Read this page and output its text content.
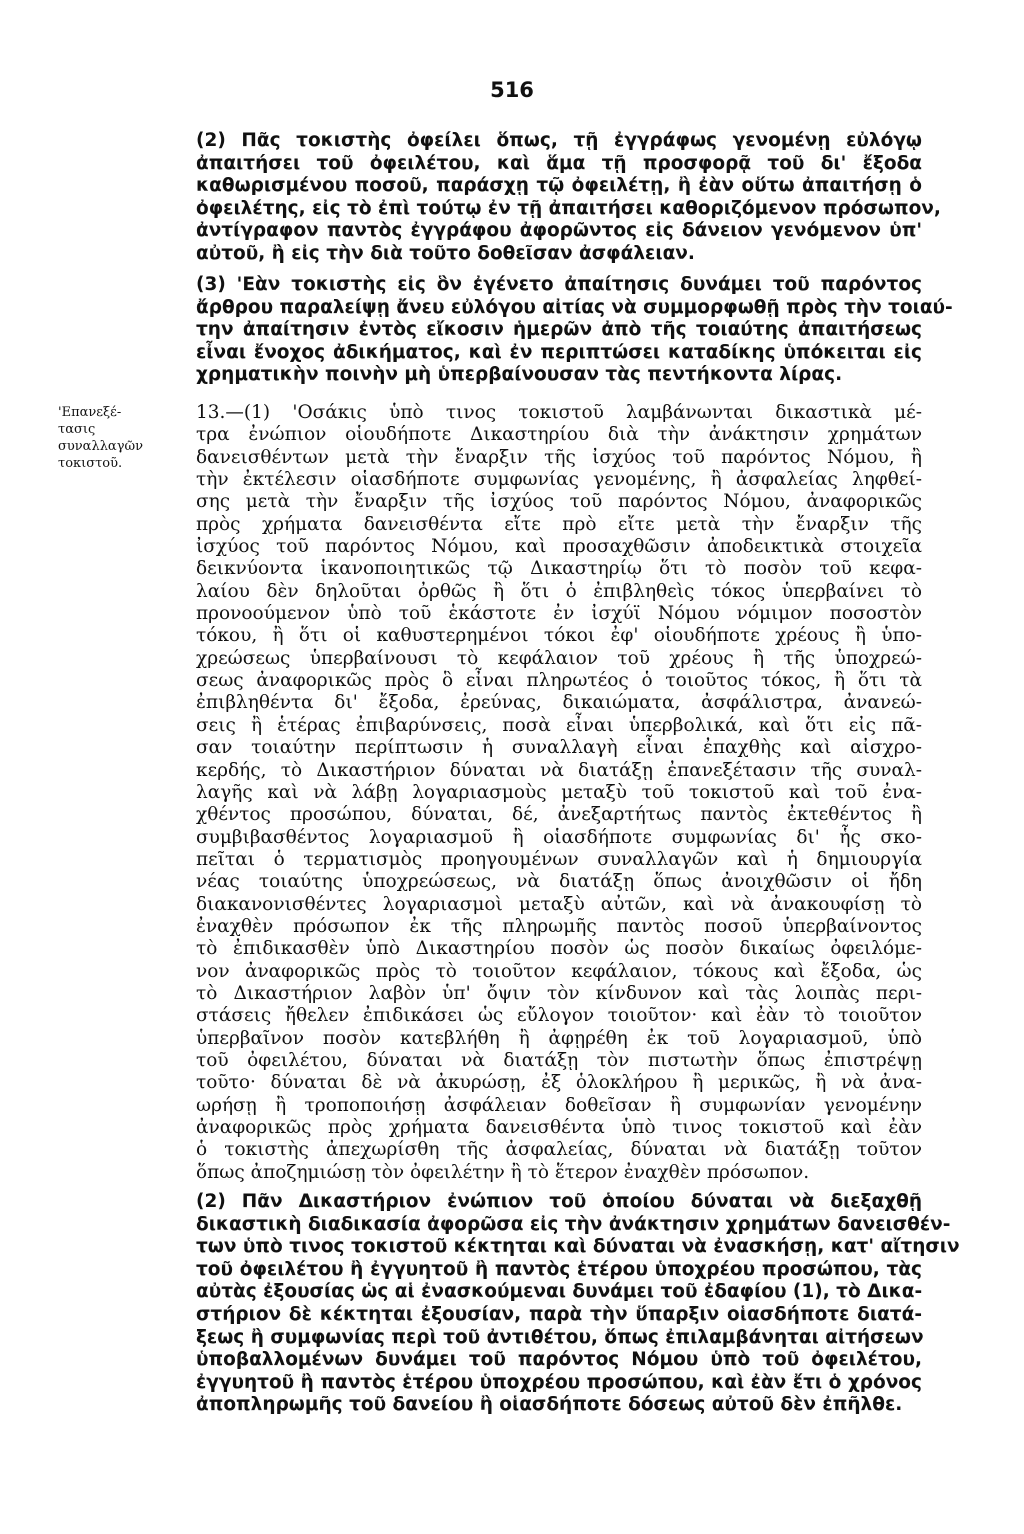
516
'Επανεξέ-
τασις
συναλλαγῶν
τοκιστοῦ.
(2) Πᾶς τοκιστὴς ὀφείλει ὅπως, τῇ ἐγγράφως γενομένῃ εὐλόγῳ
ἀπαιτήσει τοῦ ὀφειλέτου, καὶ ἅμα τῇ προσφορᾷ τοῦ δι' ἔξοδα
καθωρισμένου ποσοῦ, παράσχῃ τῷ ὀφειλέτῃ, ἢ ἐὰν οὕτω ἀπαιτήσῃ ὁ
ὀφειλέτης, εἰς τὸ ἐπὶ τούτῳ ἐν τῇ ἀπαιτήσει καθοριζόμενον πρόσωπον,
ἀντίγραφον παντὸς ἐγγράφου ἀφορῶντος εἰς δάνειον γενόμενον ὑπ'
αὐτοῦ, ἢ εἰς τὴν διὰ τοῦτο δοθεῖσαν ἀσφάλειαν.
(3) 'Εὰν τοκιστὴς εἰς ὃν ἐγένετο ἀπαίτησις δυνάμει τοῦ παρόντος
ἄρθρου παραλείψῃ ἄνευ εὐλόγου αἰτίας νὰ συμμορφωθῇ πρὸς τὴν τοιαύ-
την ἀπαίτησιν ἐντὸς εἴκοσιν ἡμερῶν ἀπὸ τῆς τοιαύτης ἀπαιτήσεως
εἶναι ἔνοχος ἀδικήματος, καὶ ἐν περιπτώσει καταδίκης ὑπόκειται εἰς
χρηματικὴν ποινὴν μὴ ὑπερβαίνουσαν τὰς πεντήκοντα λίρας.
13.—(1) 'Οσάκις ὑπὸ τινος τοκιστοῦ λαμβάνωνται δικαστικὰ μέ-
τρα ἐνώπιον οἱουδήποτε Δικαστηρίου διὰ τὴν ἀνάκτησιν χρημάτων
δανεισθέντων μετὰ τὴν ἔναρξιν τῆς ἰσχύος τοῦ παρόντος Νόμου, ἢ
τὴν ἐκτέλεσιν οἱασδήποτε συμφωνίας γενομένης, ἢ ἀσφαλείας ληφθεί-
σης μετὰ τὴν ἔναρξιν τῆς ἰσχύος τοῦ παρόντος Νόμου, ἀναφορικῶς
πρὸς χρήματα δανεισθέντα εἴτε πρὸ εἴτε μετὰ τὴν ἔναρξιν τῆς
ἰσχύος τοῦ παρόντος Νόμου, καὶ προσαχθῶσιν ἀποδεικτικὰ στοιχεῖα
δεικνύοντα ἱκανοποιητικῶς τῷ Δικαστηρίῳ ὅτι τὸ ποσὸν τοῦ κεφα-
λαίου δὲν δηλοῦται ὀρθῶς ἢ ὅτι ὁ ἐπιβληθεὶς τόκος ὑπερβαίνει τὸ
προνοούμενον ὑπὸ τοῦ ἑκάστοτε ἐν ἰσχύϊ Νόμου νόμιμον ποσοστὸν
τόκου, ἢ ὅτι οἱ καθυστερημένοι τόκοι ἐφ' οἱουδήποτε χρέους ἢ ὑπο-
χρεώσεως ὑπερβαίνουσι τὸ κεφάλαιον τοῦ χρέους ἢ τῆς ὑποχρεώ-
σεως ἀναφορικῶς πρὸς ὃ εἶναι πληρωτέος ὁ τοιοῦτος τόκος, ἢ ὅτι τὰ
ἐπιβληθέντα δι' ἔξοδα, ἐρεύνας, δικαιώματα, ἀσφάλιστρα, ἀνανεώ-
σεις ἢ ἑτέρας ἐπιβαρύνσεις, ποσὰ εἶναι ὑπερβολικά, καὶ ὅτι εἰς πᾶ-
σαν τοιαύτην περίπτωσιν ἡ συναλλαγὴ εἶναι ἐπαχθὴς καὶ αἰσχρο-
κερδής, τὸ Δικαστήριον δύναται νὰ διατάξῃ ἐπανεξέτασιν τῆς συναλ-
λαγῆς καὶ νὰ λάβῃ λογαριασμοὺς μεταξὺ τοῦ τοκιστοῦ καὶ τοῦ ἐνα-
χθέντος προσώπου, δύναται, δέ, ἀνεξαρτήτως παντὸς ἐκτεθέντος ἢ
συμβιβασθέντος λογαριασμοῦ ἢ οἱασδήποτε συμφωνίας δι' ἧς σκο-
πεῖται ὁ τερματισμὸς προηγουμένων συναλλαγῶν καὶ ἡ δημιουργία
νέας τοιαύτης ὑποχρεώσεως, νὰ διατάξῃ ὅπως ἀνοιχθῶσιν οἱ ἤδη
διακανονισθέντες λογαριασμοὶ μεταξὺ αὐτῶν, καὶ νὰ ἀνακουφίσῃ τὸ
ἐναχθὲν πρόσωπον ἐκ τῆς πληρωμῆς παντὸς ποσοῦ ὑπερβαίνοντος
τὸ ἐπιδικασθὲν ὑπὸ Δικαστηρίου ποσὸν ὡς ποσὸν δικαίως ὀφειλόμε-
νον ἀναφορικῶς πρὸς τὸ τοιοῦτον κεφάλαιον, τόκους καὶ ἔξοδα, ὡς
τὸ Δικαστήριον λαβὸν ὑπ' ὄψιν τὸν κίνδυνον καὶ τὰς λοιπὰς περι-
στάσεις ἤθελεν ἐπιδικάσει ὡς εὔλογον τοιοῦτον· καὶ ἐὰν τὸ τοιοῦτον
ὑπερβαῖνον ποσὸν κατεβλήθη ἢ ἀφῃρέθη ἐκ τοῦ λογαριασμοῦ, ὑπὸ
τοῦ ὀφειλέτου, δύναται νὰ διατάξῃ τὸν πιστωτὴν ὅπως ἐπιστρέψῃ
τοῦτο· δύναται δὲ νὰ ἀκυρώσῃ, ἐξ ὁλοκλήρου ἢ μερικῶς, ἢ νὰ ἀνα-
ωρήσῃ ἢ τροποποιήσῃ ἀσφάλειαν δοθεῖσαν ἢ συμφωνίαν γενομένην
ἀναφορικῶς πρὸς χρήματα δανεισθέντα ὑπὸ τινος τοκιστοῦ καὶ ἐὰν
ὁ τοκιστὴς ἀπεχωρίσθη τῆς ἀσφαλείας, δύναται νὰ διατάξῃ τοῦτον
ὅπως ἀποζημιώσῃ τὸν ὀφειλέτην ἢ τὸ ἕτερον ἐναχθὲν πρόσωπον.
(2) Πᾶν Δικαστήριον ἐνώπιον τοῦ ὁποίου δύναται νὰ διεξαχθῇ
δικαστικὴ διαδικασία ἀφορῶσα εἰς τὴν ἀνάκτησιν χρημάτων δανεισθέν-
των ὑπὸ τινος τοκιστοῦ κέκτηται καὶ δύναται νὰ ἐνασκήσῃ, κατ' αἴτησιν
τοῦ ὀφειλέτου ἢ ἐγγυητοῦ ἢ παντὸς ἑτέρου ὑποχρέου προσώπου, τὰς
αὐτὰς ἐξουσίας ὡς αἱ ἐνασκούμεναι δυνάμει τοῦ ἐδαφίου (1), τὸ Δικα-
στήριον δὲ κέκτηται ἐξουσίαν, παρὰ τὴν ὕπαρξιν οἱασδήποτε διατά-
ξεως ἢ συμφωνίας περὶ τοῦ ἀντιθέτου, ὅπως ἐπιλαμβάνηται αἰτήσεων
ὑποβαλλομένων δυνάμει τοῦ παρόντος Νόμου ὑπὸ τοῦ ὀφειλέτου,
ἐγγυητοῦ ἢ παντὸς ἑτέρου ὑποχρέου προσώπου, καὶ ἐὰν ἔτι ὁ χρόνος
ἀποπληρωμῆς τοῦ δανείου ἢ οἱασδήποτε δόσεως αὐτοῦ δὲν ἐπῆλθε.
